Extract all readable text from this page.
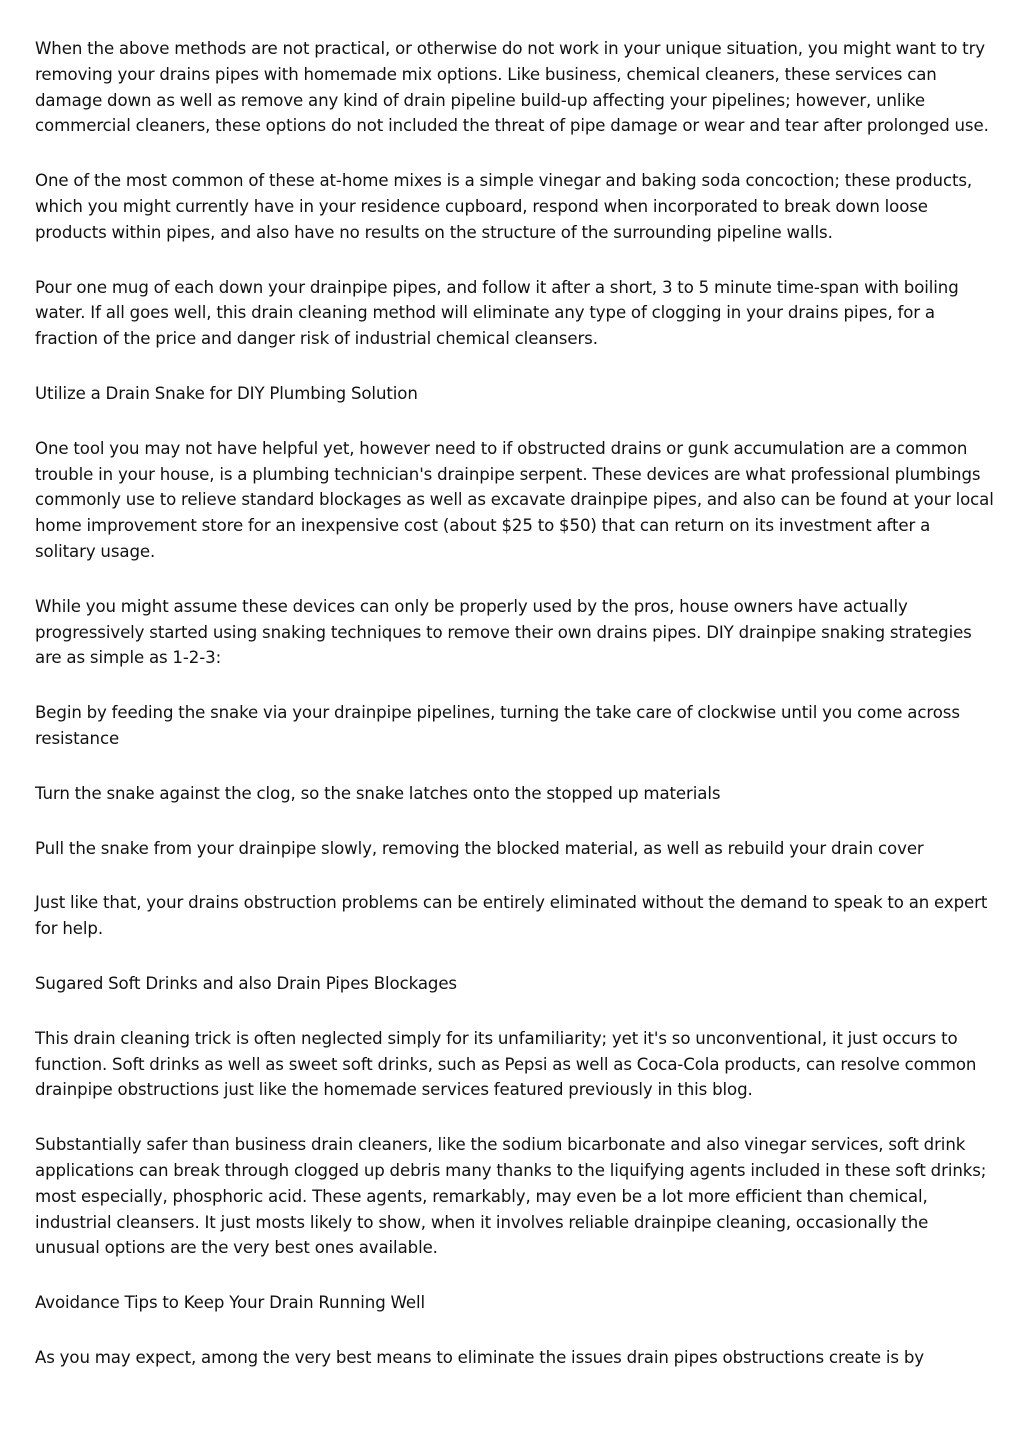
When the above methods are not practical, or otherwise do not work in your unique situation, you might want to try removing your drains pipes with homemade mix options. Like business, chemical cleaners, these services can damage down as well as remove any kind of drain pipeline build-up affecting your pipelines; however, unlike commercial cleaners, these options do not included the threat of pipe damage or wear and tear after prolonged use.

One of the most common of these at-home mixes is a simple vinegar and baking soda concoction; these products, which you might currently have in your residence cupboard, respond when incorporated to break down loose products within pipes, and also have no results on the structure of the surrounding pipeline walls.

Pour one mug of each down your drainpipe pipes, and follow it after a short, 3 to 5 minute time-span with boiling water. If all goes well, this drain cleaning method will eliminate any type of clogging in your drains pipes, for a fraction of the price and danger risk of industrial chemical cleansers.

Utilize a Drain Snake for DIY Plumbing Solution

One tool you may not have helpful yet, however need to if obstructed drains or gunk accumulation are a common trouble in your house, is a plumbing technician's drainpipe serpent. These devices are what professional plumbings commonly use to relieve standard blockages as well as excavate drainpipe pipes, and also can be found at your local home improvement store for an inexpensive cost (about $25 to $50) that can return on its investment after a solitary usage.

While you might assume these devices can only be properly used by the pros, house owners have actually progressively started using snaking techniques to remove their own drains pipes. DIY drainpipe snaking strategies are as simple as 1-2-3:

Begin by feeding the snake via your drainpipe pipelines, turning the take care of clockwise until you come across resistance

Turn the snake against the clog, so the snake latches onto the stopped up materials

Pull the snake from your drainpipe slowly, removing the blocked material, as well as rebuild your drain cover

Just like that, your drains obstruction problems can be entirely eliminated without the demand to speak to an expert for help.

Sugared Soft Drinks and also Drain Pipes Blockages

This drain cleaning trick is often neglected simply for its unfamiliarity; yet it's so unconventional, it just occurs to function. Soft drinks as well as sweet soft drinks, such as Pepsi as well as Coca-Cola products, can resolve common drainpipe obstructions just like the homemade services featured previously in this blog.

Substantially safer than business drain cleaners, like the sodium bicarbonate and also vinegar services, soft drink applications can break through clogged up debris many thanks to the liquifying agents included in these soft drinks; most especially, phosphoric acid. These agents, remarkably, may even be a lot more efficient than chemical, industrial cleansers. It just mosts likely to show, when it involves reliable drainpipe cleaning, occasionally the unusual options are the very best ones available.

Avoidance Tips to Keep Your Drain Running Well

As you may expect, among the very best means to eliminate the issues drain pipes obstructions create is by
